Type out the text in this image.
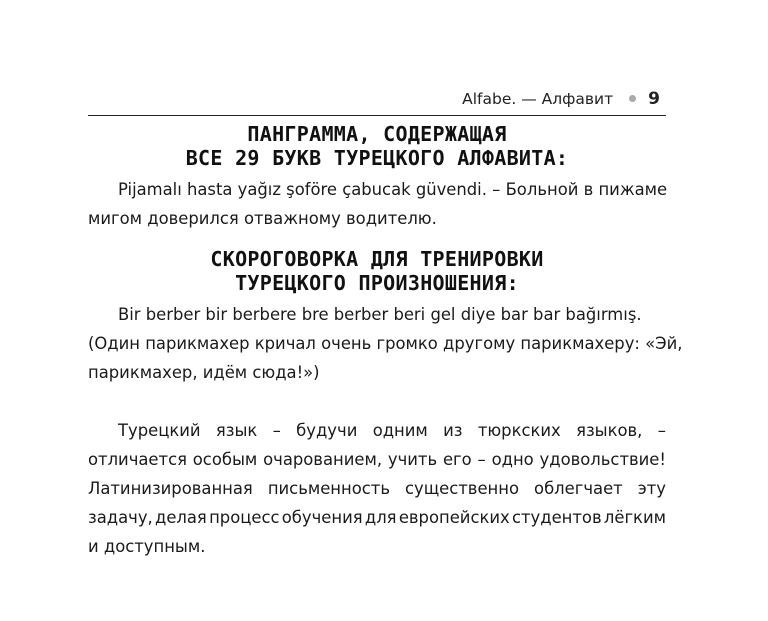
Alfabe. — Алфавит 9
ПАНГРАММА, СОДЕРЖАЩАЯ
ВСЕ 29 БУКВ ТУРЕЦКОГО АЛФАВИТА:

Pijamalı hasta yağız şoföre çabucak güvendi. – Больной в пижаме
мигом доверился отважному водителю.

СКОРОГОВОРКА ДЛЯ ТРЕНИРОВКИ
ТУРЕЦКОГО ПРОИЗНОШЕНИЯ:

Bir berber bir berbere bre berber beri gel diye bar bar bağırmış.
(Один парикмахер кричал очень громко другому парикмахеру: «Эй,
парикмахер, идём сюда!»)

Турецкий язык – будучи одним из тюркских языков, –
отличается особым очарованием, учить его – одно удовольствие!
Латинизированная письменность существенно облегчает эту
задачу, делая процесс обучения для европейских студентов лёгким
и доступным.
